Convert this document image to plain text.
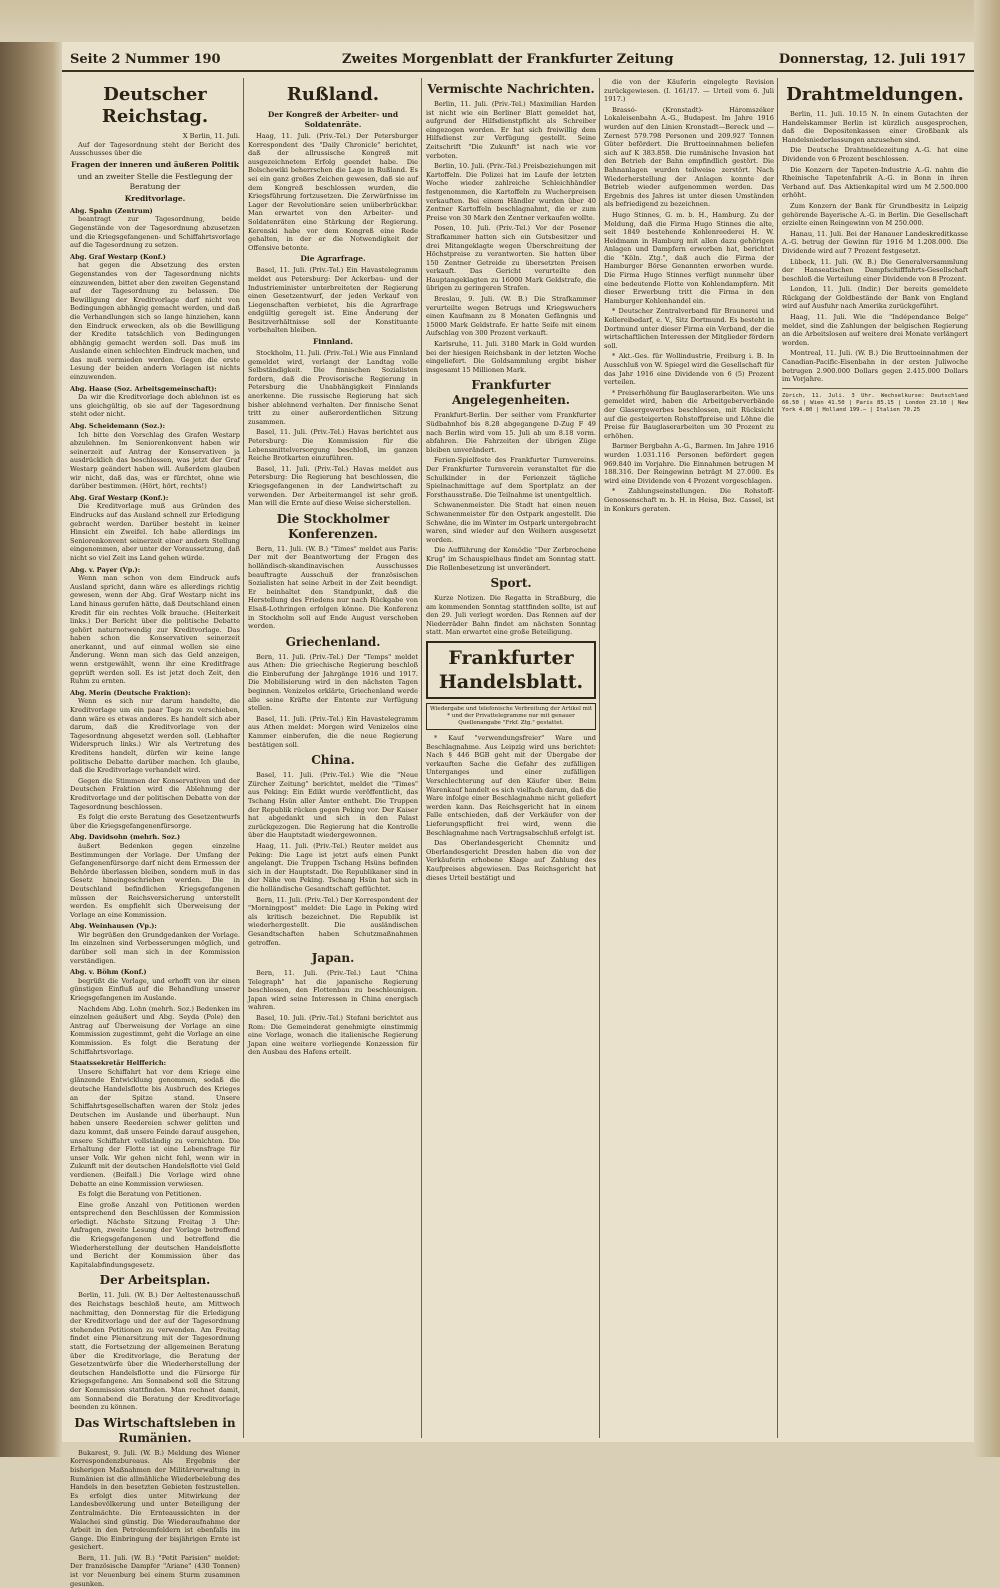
Seite 2 Nummer 190	Zweites Morgenblatt der Frankfurter Zeitung	Donnerstag, 12. Juli 1917
Deutscher Reichstag.
X Berlin, 11. Juli.
Auf der Tagesordnung steht der Bericht des Ausschusses über die
Fragen der inneren und äußeren Politik
und an zweiter Stelle die Festlegung der Beratung der
Kreditvorlage.
Abg. Spahn (Zentrum)
beantragt zur Tagesordnung, beide Gegenstände von der Tagesordnung abzusetzen und die Kriegsgefangenen- und Schiffahrtsvorlage auf die Tagesordnung zu setzen.
Abg. Graf Westarp (Konf.)
hat gegen die Absetzung des ersten Gegenstandes von der Tagesordnung nichts einzuwenden, bittet aber den zweiten Gegenstand auf der Tagesordnung zu belassen. Die Bewilligung der Kreditvorlage darf nicht von Bedingungen abhängig gemacht werden, und daß die Verhandlungen sich so lange hinziehen, kann den Eindruck erwecken, als ob die Bewilligung der Kredite tatsächlich von Bedingungen abhängig gemacht werden soll. Das muß im Auslande einen schlechten Eindruck machen, und das muß vermieden werden. Gegen die erste Lesung der beiden andern Vorlagen ist nichts einzuwenden.
Abg. Haase (Soz. Arbeitsgemeinschaft):
Da wir die Kreditvorlage doch ablehnen ist es uns gleichgültig, ob sie auf der Tagesordnung steht oder nicht.
Abg. Scheidemann (Soz.):
Ich bitte den Vorschlag des Grafen Westarp abzulehnen. Im Seniorenkonvent haben wir seinerzeit auf Antrag der Konservativen ja ausdrücklich das beschlossen, was jetzt der Graf Westarp geändert haben will. Außerdem glauben wir nicht, daß das, was er fürchtet, ohne wie darüber bestimmen. (Hört, hört, rechts!)
Abg. Graf Westarp (Konf.):
Die Kreditvorlage muß aus Gründen des Eindrucks auf das Ausland schnell zur Erledigung gebracht werden. Darüber besteht in keiner Hinsicht ein Zweifel. Ich habe allerdings im Seniorenkonvent seinerzeit einer andern Stellung eingenommen, aber unter der Voraussetzung, daß nicht so viel Zeit ins Land gehen würde.
Abg. v. Payer (Vp.):
Wenn man schon von dem Eindruck aufs Ausland spricht, dann wäre es allerdings richtig gewesen, wenn der Abg. Graf Westarp nicht ins Land hinaus gerufen hätte, daß Deutschland einen Kredit für ein rechtes Volk brauche. (Heiterkeit links.) Der Bericht über die politische Debatte gehört naturnotwendig zur Kreditvorlage. Das haben schon die Konservativen seinerzeit anerkannt, und auf einmal wollen sie eine Änderung. Wenn man sich das Geld anzeigen, wenn erstgewählt, wenn ihr eine Kreditfrage geprüft werden soll. Es ist jetzt doch Zeit, den Ruhm zu ernten.
Abg. Merin (Deutsche Fraktion):
Wenn es sich nur darum handelte, die Kreditvorlage um ein paar Tage zu verschieben, dann wäre es etwas anderes. Es handelt sich aber darum, daß die Kreditvorlage von der Tagesordnung abgesetzt werden soll. (Lebhafter Widerspruch links.) Wir als Vertretung des Kreditens handelt, dürfen wir keine lange politische Debatte darüber machen. Ich glaube, daß die Kreditvorlage verhandelt wird.
Gegen die Stimmen der Konservativen und der Deutschen Fraktion wird die Ablehnung der Kreditvorlage und der politischen Debatte von der Tagesordnung beschlossen.
Es folgt die erste Beratung des Gesetzentwurfs über die Kriegsgefangenenfürsorge.
Abg. Davidsohn (mehrh. Soz.)
äußert Bedenken gegen einzelne Bestimmungen der Vorlage. Der Umfang der Gefangenenfürsorge darf nicht dem Ermessen der Behörde überlassen bleiben, sondern muß in das Gesetz hineingeschrieben werden. Die in Deutschland befindlichen Kriegsgefangenen müssen der Reichsversicherung unterstellt werden. Es empfiehlt sich Überweisung der Vorlage an eine Kommission.
Abg. Weinhausen (Vp.):
Wir begrüßen den Grundgedanken der Vorlage. Im einzelnen sind Verbesserungen möglich, und darüber soll man sich in der Kommission verständigen.
Abg. v. Böhm (Konf.)
begrüßt die Vorlage, und erhofft von ihr einen günstigen Einfluß auf die Behandlung unserer Kriegsgefangenen im Auslande.
Nachdem Abg. Lohn (mehrh. Soz.) Bedenken im einzelnen geäußert und Abg. Seyda (Pole) den Antrag auf Überweisung der Vorlage an eine Kommission zugestimmt, geht die Vorlage an eine Kommission. Es folgt die Beratung der Schiffahrtsvorlage.
Staatssekretär Helfferich:
Unsere Schiffahrt hat vor dem Kriege eine glänzende Entwicklung genommen, sodaß die deutsche Handelsflotte bis Ausbruch des Krieges an der Spitze stand. Unsere Schiffahrtsgesellschaften waren der Stolz jedes Deutschen im Auslande und überhaupt. Nun haben unsere Reedereien schwer gelitten und dazu kommt, daß unsere Feinde darauf ausgehen, unsere Schiffahrt vollständig zu vernichten. Die Erhaltung der Flotte ist eine Lebensfrage für unser Volk. Wir gehen nicht fehl, wenn wir in Zukunft mit der deutschen Handelsflotte viel Geld verdienen. (Beifall.) Die Vorlage wird ohne Debatte an eine Kommission verwiesen.
Es folgt die Beratung von Petitionen.
Eine große Anzahl von Petitionen werden entsprechend den Beschlüssen der Kommission erledigt. Nächste Sitzung Freitag 3 Uhr: Anfragen, zweite Lesung der Vorlage betreffend die Kriegsgefangenen und betreffend die Wiederherstellung der deutschen Handelsflotte und Bericht der Kommission über das Kapitalabfindungsgesetz.
Der Arbeitsplan.
Berlin, 11. Juli. (W. B.) Der Aeltestenausschuß des Reichstags beschloß heute, am Mittwoch nachmittag, den Donnerstag für die Erledigung der Kreditvorlage und der auf der Tagesordnung stehenden Petitionen zu verwenden. Am Freitag findet eine Plenarsitzung mit der Tagesordnung statt, die Fortsetzung der allgemeinen Beratung über die Kreditvorlage, die Beratung der Gesetzentwürfe über die Wiederherstellung der deutschen Handelsflotte und die Fürsorge für Kriegsgefangene. Am Sonnabend soll die Sitzung der Kommission stattfinden. Man rechnet damit, am Sonnabend die Beratung der Kreditvorlage beenden zu können.
Das Wirtschaftsleben in Rumänien.
Bukarest, 9. Juli. (W. B.) Meldung des Wiener Korrespondenzbureaus. Als Ergebnis der bisherigen Maßnahmen der Militärverwaltung in Rumänien ist die allmähliche Wiederbelebung des Handels in den besetzten Gebieten festzustellen. Es erfolgt dies unter Mitwirkung der Landesbevölkerung und unter Beteiligung der Zentralmächte. Die Ernteaussichten in der Walachei sind günstig. Die Wiederaufnahme der Arbeit in den Petroleumfeldern ist ebenfalls im Gange. Die Einbringung der bisjährigen Ernte ist gesichert.
Bern, 11. Juli. (W. B.) "Petit Parisien" meldet: Der französische Dampfer "Ariane" (430 Tonnen) ist vor Neuenburg bei einem Sturm zusammen gesunken.
Rußland.
Der Kongreß der Arbeiter- und Soldatenräte.
Haag, 11. Juli. (Priv.-Tel.) Der Petersburger Korrespondent des "Daily Chronicle" berichtet, daß der allrussische Kongreß mit ausgezeichnetem Erfolg geendet habe. Die Bolschewiki beherrschen die Lage in Rußland. Es sei ein ganz großes Zeichen gewesen, daß sie auf dem Kongreß beschlossen wurden, die Kriegsführung fortzusetzen. Die Zerwürfnisse im Lager der Revolutionäre seien unüberbrückbar. Man erwartet von den Arbeiter- und Soldatenräten eine Stärkung der Regierung. Kerenski habe vor dem Kongreß eine Rede gehalten, in der er die Notwendigkeit der Offensive betonte.
Die Agrarfrage.
Basel, 11. Juli. (Priv.-Tel.) Ein Havastelegramm meldet aus Petersburg: Der Ackerbau- und der Industrieminister unterbreiteten der Regierung einen Gesetzentwurf, der jeden Verkauf von Liegenschaften verbietet, bis die Agrarfrage endgültig geregelt ist. Eine Änderung der Besitzverhältnisse soll der Konstituante vorbehalten bleiben.
Finnland.
Stockholm, 11. Juli. (Priv.-Tel.) Wie aus Finnland gemeldet wird, verlangt der Landtag volle Selbständigkeit. Die finnischen Sozialisten fordern, daß die Provisorische Regierung in Petersburg die Unabhängigkeit Finnlands anerkenne. Die russische Regierung hat sich bisher ablehnend verhalten. Der finnische Senat tritt zu einer außerordentlichen Sitzung zusammen.
Basel, 11. Juli. (Priv.-Tel.) Havas berichtet aus Petersburg: Die Kommission für die Lebensmittelversorgung beschloß, im ganzen Reiche Brotkarten einzuführen.
Basel, 11. Juli. (Priv.-Tel.) Havas meldet aus Petersburg: Die Regierung hat beschlossen, die Kriegsgefangenen in der Landwirtschaft zu verwenden. Der Arbeitermangel ist sehr groß. Man will die Ernte auf diese Weise sicherstellen.
Die Stockholmer Konferenzen.
Bern, 11. Juli. (W. B.) "Times" meldet aus Paris: Der mit der Beantwortung der Fragen des holländisch-skandinavischen Ausschusses beauftragte Ausschuß der französischen Sozialisten hat seine Arbeit in der Zeit beendigt. Er beinhaltet den Standpunkt, daß die Herstellung des Friedens nur nach Rückgabe von Elsaß-Lothringen erfolgen könne. Die Konferenz in Stockholm soll auf Ende August verschoben werden.
Griechenland.
Bern, 11. Juli. (Priv.-Tel.) Der "Temps" meldet aus Athen: Die griechische Regierung beschloß die Einberufung der Jahrgänge 1916 und 1917. Die Mobilisierung wird in den nächsten Tagen beginnen. Venizelos erklärte, Griechenland werde alle seine Kräfte der Entente zur Verfügung stellen.
Basel, 11. Juli. (Priv.-Tel.) Ein Havastelegramm aus Athen meldet: Morgen wird Venizelos eine Kammer einberufen, die die neue Regierung bestätigen soll.
China.
Basel, 11. Juli. (Priv.-Tel.) Wie die "Neue Zürcher Zeitung" berichtet, meldet die "Times" aus Peking: Ein Edikt wurde veröffentlicht, das Tschang Hsün aller Ämter enthebt. Die Truppen der Republik rücken gegen Peking vor. Der Kaiser hat abgedankt und sich in den Palast zurückgezogen. Die Regierung hat die Kontrolle über die Hauptstadt wiedergewonnen.
Haag, 11. Juli. (Priv.-Tel.) Reuter meldet aus Peking: Die Lage ist jetzt aufs einen Punkt angelangt. Die Truppen Tschang Hsüns befinden sich in der Hauptstadt. Die Republikaner sind in der Nähe von Peking. Tschang Hsün hat sich in die holländische Gesandtschaft geflüchtet.
Bern, 11. Juli. (Priv.-Tel.) Der Korrespondent der "Morningpost" meldet: Die Lage in Peking wird als kritisch bezeichnet. Die Republik ist wiederhergestellt. Die ausländischen Gesandtschaften haben Schutzmaßnahmen getroffen.
Japan.
Bern, 11. Juli. (Priv.-Tel.) Laut "China Telegraph" hat die japanische Regierung beschlossen, den Flottenbau zu beschleunigen. Japan wird seine Interessen in China energisch wahren.
Basel, 10. Juli. (Priv.-Tel.) Stefani berichtet aus Rom: Die Gemeinderat genehmigte einstimmig eine Vorlage, wonach die italienische Regierung Japan eine weitere vorliegende Konzession für den Ausbau des Hafens erteilt.
Vermischte Nachrichten.
Berlin, 11. Juli. (Priv.-Tel.) Maximilian Harden ist nicht wie ein Berliner Blatt gemeldet hat, aufgrund der Hilfsdienstpflicht als Schreiber eingezogen worden. Er hat sich freiwillig dem Hilfsdienst zur Verfügung gestellt. Seine Zeitschrift "Die Zukunft" ist nach wie vor verboten.
Berlin, 10. Juli. (Priv.-Tel.) Preisbeziehungen mit Kartoffeln. Die Polizei hat im Laufe der letzten Woche wieder zahlreiche Schleichhändler festgenommen, die Kartoffeln zu Wucherpreisen verkauften. Bei einem Händler wurden über 40 Zentner Kartoffeln beschlagnahmt, die er zum Preise von 30 Mark den Zentner verkaufen wollte.
Posen, 10. Juli. (Priv.-Tel.) Vor der Posener Strafkammer hatten sich ein Gutsbesitzer und drei Mitangeklagte wegen Überschreitung der Höchstpreise zu verantworten. Sie hatten über 150 Zentner Getreide zu übersetzten Preisen verkauft. Das Gericht verurteilte den Hauptangeklagten zu 16000 Mark Geldstrafe, die übrigen zu geringeren Strafen.
Breslau, 9. Juli. (W. B.) Die Strafkammer verurteilte wegen Betrugs und Kriegswuchers einen Kaufmann zu 8 Monaten Gefängnis und 15000 Mark Geldstrafe. Er hatte Seife mit einem Aufschlag von 300 Prozent verkauft.
Karlsruhe, 11. Juli. 3180 Mark in Gold wurden bei der hiesigen Reichsbank in der letzten Woche eingeliefert. Die Goldsammlung ergibt bisher insgesamt 15 Millionen Mark.
Frankfurter Angelegenheiten.
Frankfurt-Berlin. Der seither vom Frankfurter Südbahnhof bis 8.28 abgegangene D-Zug F 49 nach Berlin wird vom 15. Juli ab um 8.18 vorm. abfahren. Die Fahrzeiten der übrigen Züge bleiben unverändert.
Ferien-Spielfeste des Frankfurter Turnvereins. Der Frankfurter Turnverein veranstaltet für die Schulkinder in der Ferienzeit tägliche Spielnachmittage auf dem Sportplatz an der Forsthausstraße. Die Teilnahme ist unentgeltlich.
Schwanenmeister. Die Stadt hat einen neuen Schwanenmeister für den Ostpark angestellt. Die Schwäne, die im Winter im Ostpark untergebracht waren, sind wieder auf den Weihern ausgesetzt worden.
Die Aufführung der Komödie "Der Zerbrochene Krug" im Schauspielhaus findet am Sonntag statt. Die Rollenbesetzung ist unverändert.
Sport.
Kurze Notizen. Die Regatta in Straßburg, die am kommenden Sonntag stattfinden sollte, ist auf den 29. Juli verlegt worden. Das Rennen auf der Niederräder Bahn findet am nächsten Sonntag statt. Man erwartet eine große Beteiligung.
Frankfurter Handelsblatt.
Wiedergabe und telefonische Verbreitung der Artikel mit * und der Privattelegramme nur mit genauer Quellenangabe "Frkf. Ztg." gestattet.
* Kauf "verwendungsfreier" Ware und Beschlagnahme. Aus Leipzig wird uns berichtet: Nach § 446 BGB geht mit der Übergabe der verkauften Sache die Gefahr des zufälligen Unterganges und einer zufälligen Verschlechterung auf den Käufer über. Beim Warenkauf handelt es sich vielfach darum, daß die Ware infolge einer Beschlagnahme nicht geliefert werden kann. Das Reichsgericht hat in einem Falle entschieden, daß der Verkäufer von der Lieferungspflicht frei wird, wenn die Beschlagnahme nach Vertragsabschluß erfolgt ist.
Das Oberlandesgericht Chemnitz und Oberlandesgericht Dresden haben die von der Verkäuferin erhobene Klage auf Zahlung des Kaufpreises abgewiesen. Das Reichsgericht hat dieses Urteil bestätigt und
die von der Käuferin eingelegte Revision zurückgewiesen. (I. 161/17. — Urteil vom 6. Juli 1917.)
Brassó- (Kronstadt)- Háromszéker Lokaleisenbahn A.-G., Budapest. Im Jahre 1916 wurden auf den Linien Kronstadt—Bereck und — Zernest 579.798 Personen und 209.927 Tonnen Güter befördert. Die Bruttoeinnahmen beliefen sich auf K 383.858. Die rumänische Invasion hat den Betrieb der Bahn empfindlich gestört. Die Bahnanlagen wurden teilweise zerstört. Nach Wiederherstellung der Anlagen konnte der Betrieb wieder aufgenommen werden. Das Ergebnis des Jahres ist unter diesen Umständen als befriedigend zu bezeichnen.
Hugo Stinnes, G. m. b. H., Hamburg. Zu der Meldung, daß die Firma Hugo Stinnes die alte, seit 1849 bestehende Kohlenreederei H. W. Heidmann in Hamburg mit allen dazu gehörigen Anlagen und Dampfern erworben hat, berichtet die "Köln. Ztg.", daß auch die Firma der Hamburger Börse Genannten erworben wurde. Die Firma Hugo Stinnes verfügt nunmehr über eine bedeutende Flotte von Kohlendampfern. Mit dieser Erwerbung tritt die Firma in den Hamburger Kohlenhandel ein.
* Deutscher Zentralverband für Braunerei und Kellereibedarf, e. V., Sitz Dortmund. Es besteht in Dortmund unter dieser Firma ein Verband, der die wirtschaftlichen Interessen der Mitglieder fördern soll.
* Akt.-Ges. für Wollindustrie, Freiburg i. B. In Ausschluß von W. Spiegel wird die Gesellschaft für das Jahr 1916 eine Dividende von 6 (5) Prozent verteilen.
* Preiserhöhung für Bauglaserarbeiten. Wie uns gemeldet wird, haben die Arbeitgeberverbände der Glasergewerbes beschlossen, mit Rücksicht auf die gesteigerten Rohstoffpreise und Löhne die Preise für Bauglaserarbeiten um 30 Prozent zu erhöhen.
Barmer Bergbahn A.-G., Barmen. Im Jahre 1916 wurden 1.031.116 Personen befördert gegen 969.840 im Vorjahre. Die Einnahmen betrugen M 188.316. Der Reingewinn beträgt M 27.000. Es wird eine Dividende von 4 Prozent vorgeschlagen.
* Zahlungseinstellungen. Die Rohstoff-Genossenschaft m. b. H. in Heisa, Bez. Cassel, ist in Konkurs geraten.
Drahtmeldungen.
Berlin, 11. Juli. 10.15 N. In einem Gutachten der Handelskammer Berlin ist kürzlich ausgesprochen, daß die Depositenkassen einer Großbank als Handelsniederlassungen anzusehen sind.
Die Deutsche Drahtmeldezeitung A.-G. hat eine Dividende von 6 Prozent beschlossen.
Die Konzern der Tapeten-Industrie A.-G. nahm die Rheinische Tapetenfabrik A.-G. in Bonn in ihren Verband auf. Das Aktienkapital wird um M 2.500.000 erhöht.
Zum Konzern der Bank für Grundbesitz in Leipzig gehörende Bayerische A.-G. in Berlin. Die Gesellschaft erzielte einen Reingewinn von M 250.000.
Hanau, 11. Juli. Bei der Hanauer Landeskreditkasse A.-G. betrug der Gewinn für 1916 M 1.208.000. Die Dividende wird auf 7 Prozent festgesetzt.
Lübeck, 11. Juli. (W. B.) Die Generalversammlung der Hanseatischen Dampfschifffahrts-Gesellschaft beschloß die Verteilung einer Dividende von 8 Prozent.
London, 11. Juli. (Indir.) Der bereits gemeldete Rückgang der Goldbestände der Bank von England wird auf Ausfuhr nach Amerika zurückgeführt.
Haag, 11. Juli. Wie die "Indépendance Belge" meldet, sind die Zahlungen der belgischen Regierung an die Arbeitslosen auf weitere drei Monate verlängert worden.
Montreal, 11. Juli. (W. B.) Die Bruttoeinnahmen der Canadian-Pacific-Eisenbahn in der ersten Juliwoche betrugen 2.900.000 Dollars gegen 2.415.000 Dollars im Vorjahre.
Zürich, 11. Juli. 3 Uhr. Wechselkurse: Deutschland 66.50 | Wien 41.50 | Paris 85.15 | London 23.10 | New York 4.80 | Holland 199.— | Italien 70.25
